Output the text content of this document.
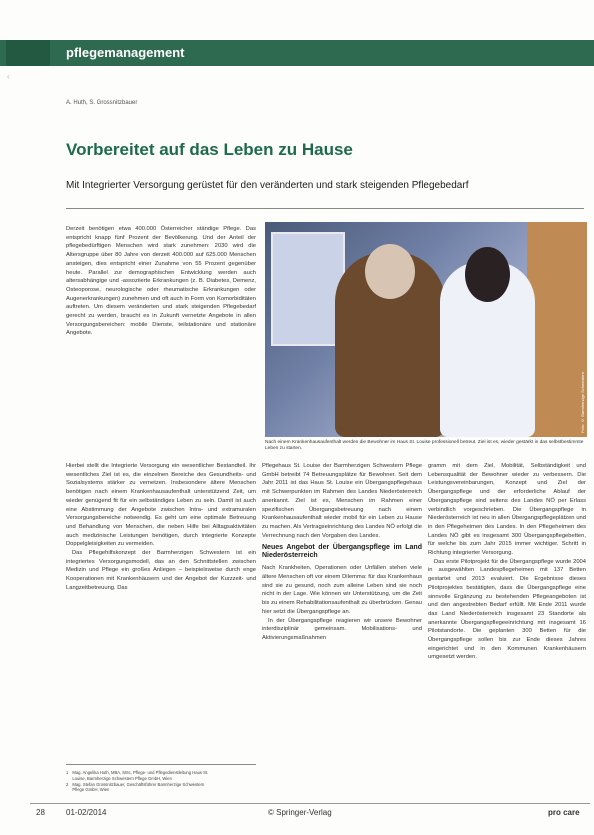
‹
pflegemanagement
A. Huth, S. Grossnitzbauer
Vorbereitet auf das Leben zu Hause
Mit Integrierter Versorgung gerüstet für den veränderten und stark steigenden Pflegebedarf

Derzeit benötigen etwa 400.000 Österreicher ständige Pflege. Das entspricht knapp fünf Prozent der Bevölkerung. Und der Anteil der pflegebedürftigen Menschen wird stark zunehmen: 2030 wird die Altersgruppe über 80 Jahre von derzeit 400.000 auf 625.000 Menschen ansteigen, dies entspricht einer Zunahme von 55 Prozent gegenüber heute. Parallel zur demographischen Entwicklung werden auch altersabhängige und -assoziierte Erkrankungen (z. B. Diabetes, Demenz, Osteoporose, neurologische oder rheumatische Erkrankungen oder Augenerkrankungen) zunehmen und oft auch in Form von Komorbiditäten auftreten. Um diesem veränderten und stark steigenden Pflegebedarf gerecht zu werden, braucht es in Zukunft vernetzte Angebote in allen Versorgungsbereichen: mobile Dienste, teilstationäre und stationäre Angebote.

Foto: © Barmherzige Schwestern
Nach einem Krankenhausaufenthalt werden die Bewohner im Haus St. Louise professionell betreut. Ziel ist es, wieder gestärkt in das selbstbestimmte Leben zu starten.

Hierbei stellt die Integrierte Versorgung ein wesentlicher Bestandteil. Ihr wesentliches Ziel ist es, die einzelnen Bereiche des Gesundheits- und Sozialsystems stärker zu vernetzen. Insbesondere ältere Menschen benötigen nach einem Krankenhausaufenthalt unterstützend Zeit, um wieder genügend fit für ein selbständiges Leben zu sein. Damit ist auch eine Abstimmung der Angebote zwischen Intra- und extramuralen Versorgungsbereiche notwendig. Es geht um eine optimale Betreuung und Behandlung von Menschen, die neben Hilfe bei Alltagsaktivitäten auch medizinische Leistungen benötigen, durch integrierte Konzepte Doppelgleisigkeiten zu vermeiden.

Das Pflegehilfskonzept der Barmherzigen Schwestern ist ein integriertes Versorgungsmodell, das an den Schnittstellen zwischen Medizin und Pflege ein großes Anliegen – beispielsweise durch enge Kooperationen mit Krankenhäusern und der Angebot der Kurzzeit- und Langzeitbetreuung. Das

Pflegehaus St. Louise der Barmherzigen Schwestern Pflege GmbH betreibt 74 Betreuungsplätze für Bewohner. Seit dem Jahr 2011 ist das Haus St. Louise ein Übergangspflegehaus mit Schwerpunkten im Rahmen des Landes Niederösterreich anerkannt. Ziel ist es, Menschen im Rahmen einer spezifischen Übergangsbetreuung nach einem Krankenhausaufenthalt wieder mobil für ein Leben zu Hause zu machen. Als Vertragseinrichtung des Landes NÖ erfolgt die Verrechnung nach den Vorgaben des Landes.

Neues Angebot der Übergangspflege im Land Niederösterreich

Nach Krankheiten, Operationen oder Unfällen stehen viele ältere Menschen oft vor einem Dilemma: für das Krankenhaus sind sie zu gesund, noch zum alleine Leben sind sie noch nicht in der Lage. Wie können wir Unterstützung, um die Zeit bis zu einem Rehabilitationsaufenthalt zu überbrücken. Genau hier setzt die Übergangspflege an.

In der Übergangspflege reagieren wir unsere Bewohner interdisziplinär gemeinsam. Mobilisations- und Aktivierungsmaßnahmen

gramm mit dem Ziel, Mobilität, Selbständigkeit und Lebensqualität der Bewohner wieder zu verbessern. Die Leistungsvereinbarungen, Konzept und Ziel der Übergangspflege und der erforderliche Ablauf der Übergangspflege sind seitens des Landes NÖ per Erlass verbindlich vorgeschrieben. Die Übergangspflege in Niederösterreich ist neu in allen Übergangspflegeplätzen und in den Pflegeheimen des Landes. In den Pflegeheimen des Landes NÖ gibt es insgesamt 300 Übergangspflegebetten, für welche bis zum Jahr 2015 immer wichtiger. Schritt in Richtung integrierter Versorgung.

Das erste Pilotprojekt für die Übergangspflege wurde 2004 in ausgewählten Landespflegeheimen mit 137 Betten gestartet und 2013 evaluiert. Die Ergebnisse dieses Pilotprojektes bestätigten, dass die Übergangspflege eine sinnvolle Ergänzung zu bestehenden Pflegeangeboten ist und den angestrebten Bedarf erfüllt. Mit Ende 2011 wurde das Land Niederösterreich insgesamt 23 Standorte als anerkannte Übergangspflegeeinrichtung mit insgesamt 16 Pilotstandorte. Die geplanten 300 Betten für die Übergangspflege sollen bis zur Ende dieses Jahres eingerichtet und in den Kommunen Krankenhäusern umgesetzt werden.

1 Mag. Angelika Huth, MBA, MSc, Pflege- und Pflegedienstleitung Haus St. Louise, Barmherzige Schwestern Pflege GmbH, Wien
2 Mag. Stefan Grossnitzbauer, Geschäftsführer Barmherzige Schwestern Pflege GmbH, Wien
28	01-02/2014	© Springer-Verlag	pro care
